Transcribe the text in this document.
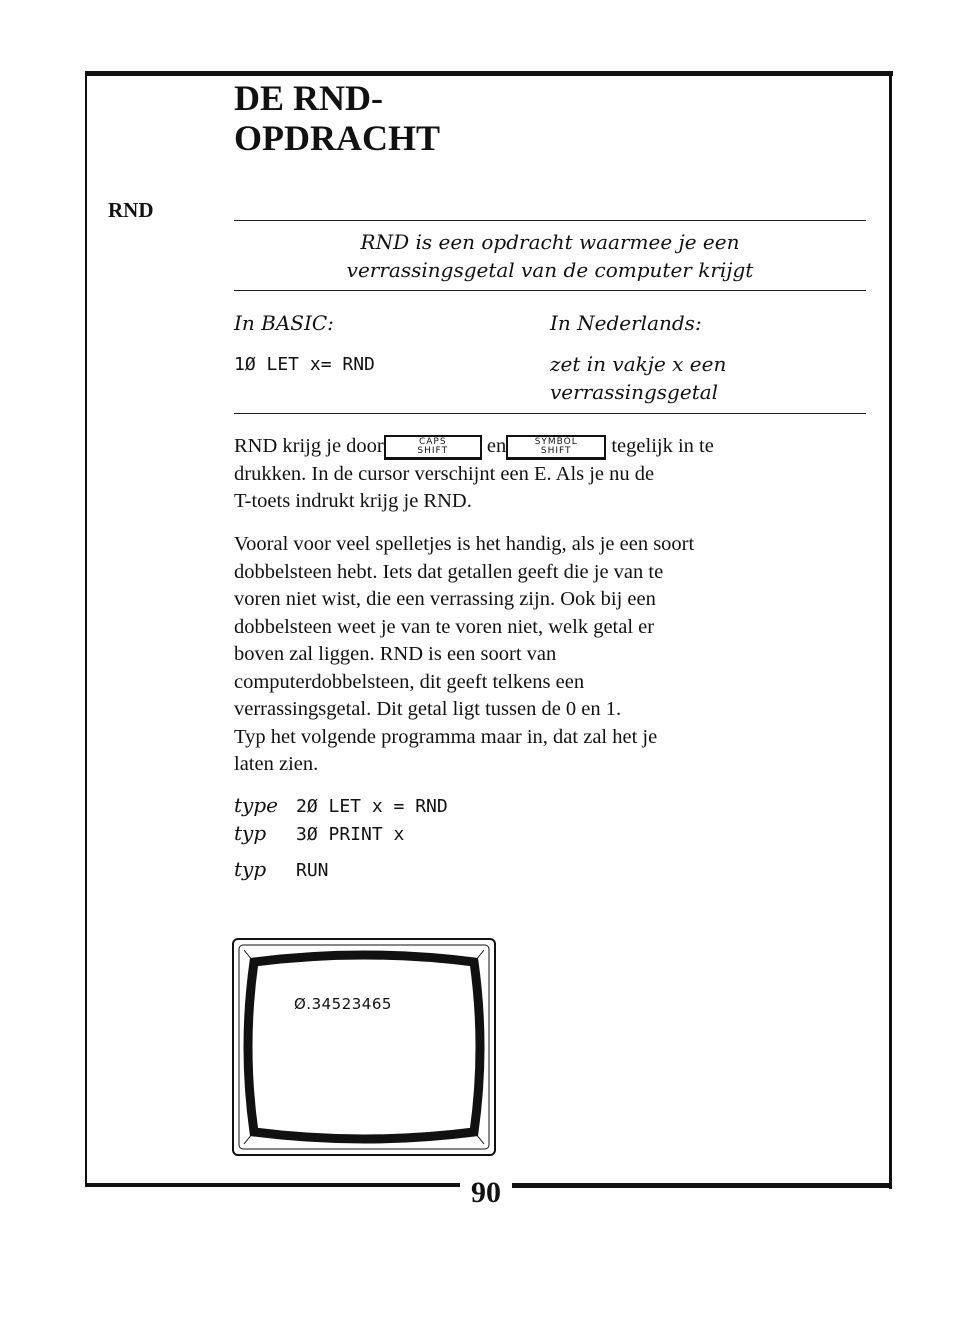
90
DE RND-
OPDRACHT
RND
RND is een opdracht waarmee je een
verrassingsgetal van de computer krijgt
In BASIC:	In Nederlands:
1Ø LET x= RND	zet in vakje x een
verrassingsgetal
RND krijg je door	CAPS
SHIFT en	SYMBOL
SHIFT tegelijk in te
drukken. In de cursor verschijnt een E. Als je nu de
T-toets indrukt krijg je RND.
Vooral voor veel spelletjes is het handig, als je een soort
dobbelsteen hebt. Iets dat getallen geeft die je van te
voren niet wist, die een verrassing zijn. Ook bij een
dobbelsteen weet je van te voren niet, welk getal er
boven zal liggen. RND is een soort van
computerdobbelsteen, dit geeft telkens een
verrassingsgetal. Dit getal ligt tussen de 0 en 1.
Typ het volgende programma maar in, dat zal het je
laten zien.
type 2Ø LET x = RND
typ 3Ø PRINT x
typ RUN
Ø.34523465
